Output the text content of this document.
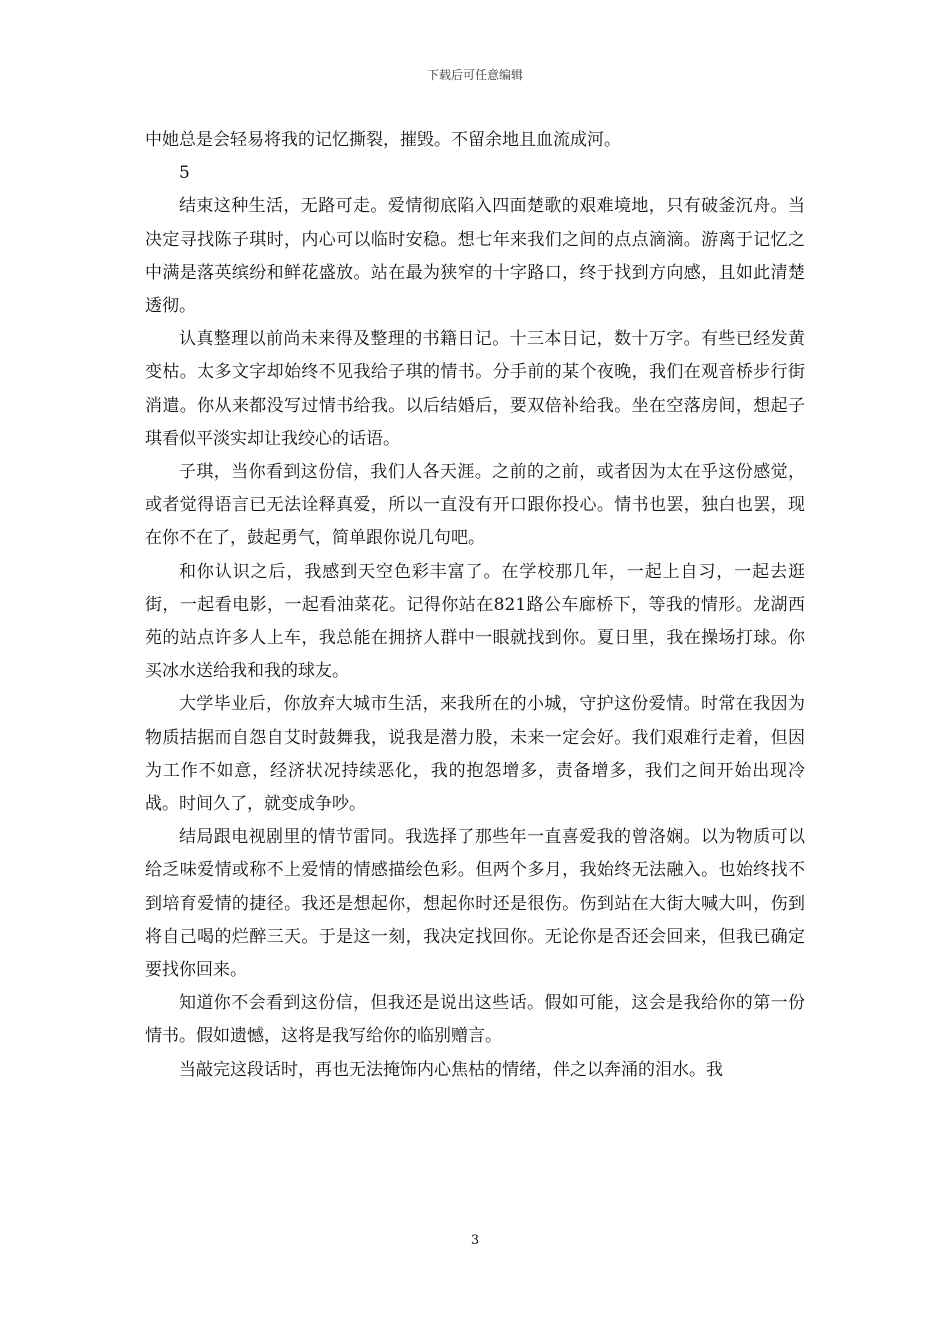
下载后可任意编辑

中她总是会轻易将我的记忆撕裂，摧毁。不留余地且血流成河。

5

结束这种生活，无路可走。爱情彻底陷入四面楚歌的艰难境地，只有破釜沉舟。当决定寻找陈子琪时，内心可以临时安稳。想七年来我们之间的点点滴滴。游离于记忆之中满是落英缤纷和鲜花盛放。站在最为狭窄的十字路口，终于找到方向感，且如此清楚透彻。

认真整理以前尚未来得及整理的书籍日记。十三本日记，数十万字。有些已经发黄变枯。太多文字却始终不见我给子琪的情书。分手前的某个夜晚，我们在观音桥步行街消遣。你从来都没写过情书给我。以后结婚后，要双倍补给我。坐在空落房间，想起子琪看似平淡实却让我绞心的话语。

子琪，当你看到这份信，我们人各天涯。之前的之前，或者因为太在乎这份感觉，或者觉得语言已无法诠释真爱，所以一直没有开口跟你投心。情书也罢，独白也罢，现在你不在了，鼓起勇气，简单跟你说几句吧。

和你认识之后，我感到天空色彩丰富了。在学校那几年，一起上自习，一起去逛街，一起看电影，一起看油菜花。记得你站在821路公车廊桥下，等我的情形。龙湖西苑的站点许多人上车，我总能在拥挤人群中一眼就找到你。夏日里，我在操场打球。你买冰水送给我和我的球友。

大学毕业后，你放弃大城市生活，来我所在的小城，守护这份爱情。时常在我因为物质拮据而自怨自艾时鼓舞我，说我是潜力股，未来一定会好。我们艰难行走着，但因为工作不如意，经济状况持续恶化，我的抱怨增多，责备增多，我们之间开始出现冷战。时间久了，就变成争吵。

结局跟电视剧里的情节雷同。我选择了那些年一直喜爱我的曾洛娴。以为物质可以给乏味爱情或称不上爱情的情感描绘色彩。但两个多月，我始终无法融入。也始终找不到培育爱情的捷径。我还是想起你，想起你时还是很伤。伤到站在大街大喊大叫，伤到将自己喝的烂醉三天。于是这一刻，我决定找回你。无论你是否还会回来，但我已确定要找你回来。

知道你不会看到这份信，但我还是说出这些话。假如可能，这会是我给你的第一份情书。假如遗憾，这将是我写给你的临别赠言。

当敲完这段话时，再也无法掩饰内心焦枯的情绪，伴之以奔涌的泪水。我

3
